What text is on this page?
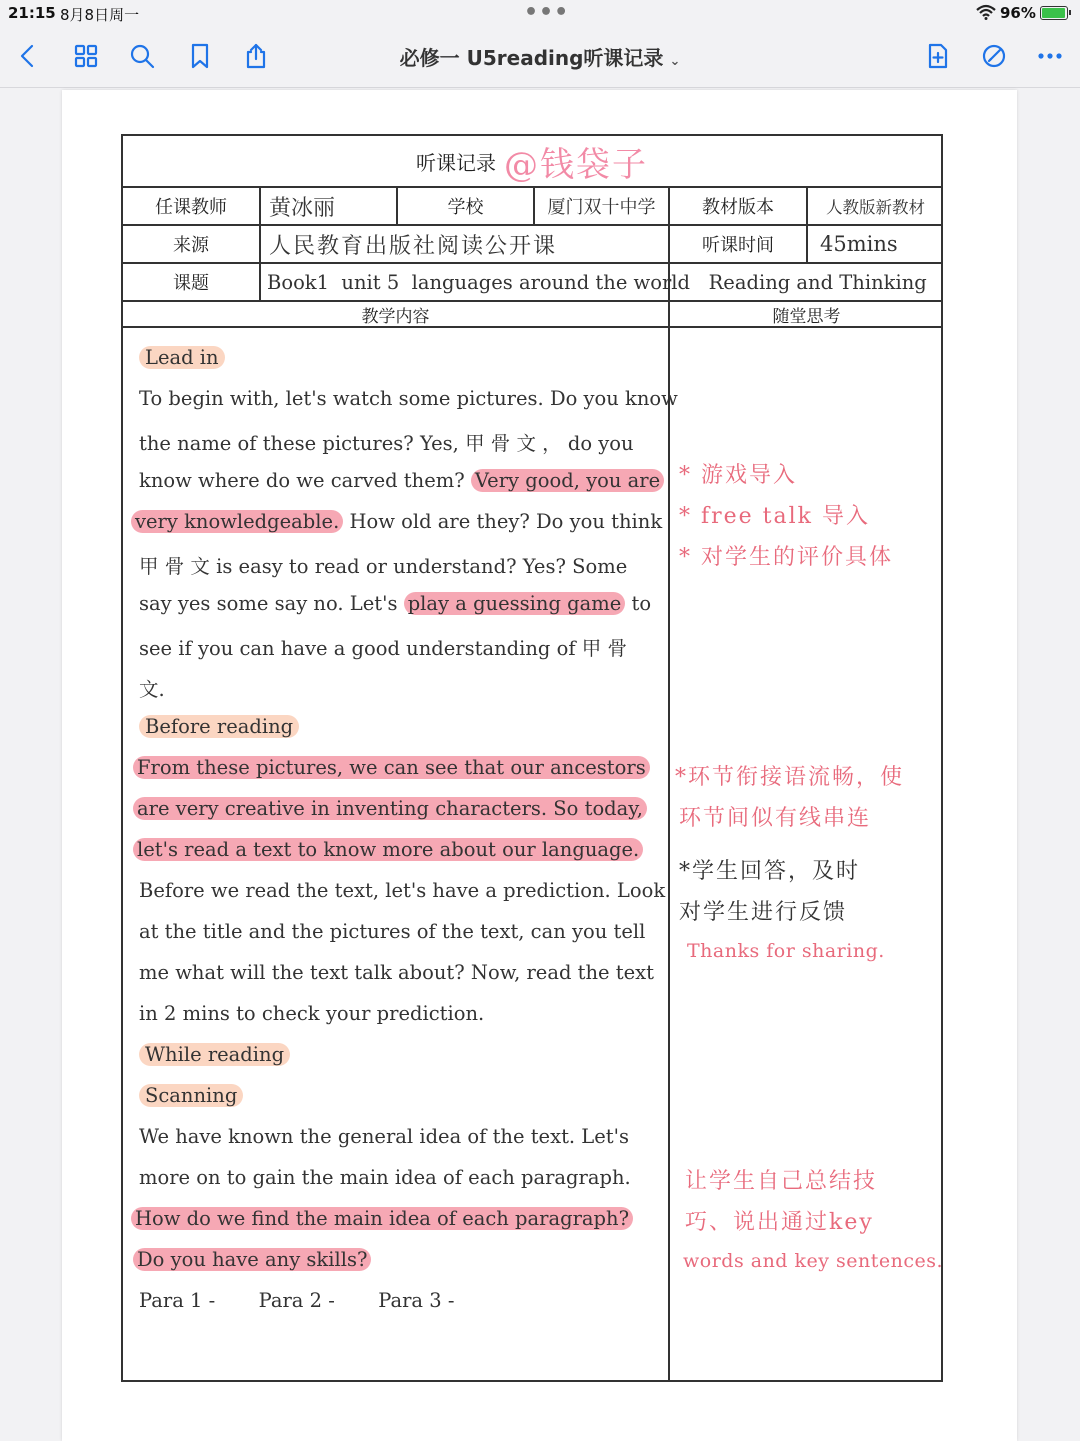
21:15 8月8日周一	•••	96%
必修一 U5reading听课记录 ⌄
听课记录 @钱袋子
任课教师	黄冰丽	学校	厦门双十中学	教材版本	人教版新教材
来源	人民教育出版社阅读公开课	听课时间	45mins
课题	Book1  unit 5  languages around the world   Reading and Thinking
教学内容	随堂思考
Lead in
To begin with, let's watch some pictures. Do you know
the name of these pictures? Yes, 甲 骨 文 ， do you
know where do we carved them? Very good, you are
very knowledgeable. How old are they? Do you think
甲 骨 文 is easy to read or understand? Yes? Some
say yes some say no. Let's play a guessing game to
see if you can have a good understanding of 甲 骨
文.
Before reading
From these pictures, we can see that our ancestors
are very creative in inventing characters. So today,
let's read a text to know more about our language.
Before we read the text, let's have a prediction. Look
at the title and the pictures of the text, can you tell
me what will the text talk about? Now, read the text
in 2 mins to check your prediction.
While reading
Scanning
We have known the general idea of the text. Let's
more on to gain the main idea of each paragraph.
How do we find the main idea of each paragraph?
Do you have any skills?
Para 1 -       Para 2 -       Para 3 -
* 游戏导入
* free talk 导入
* 对学生的评价具体
*环节衔接语流畅，使
环节间似有线串连
*学生回答，及时
对学生进行反馈
Thanks for sharing.
让学生自己总结技
巧、说出通过key
words and key sentences.
